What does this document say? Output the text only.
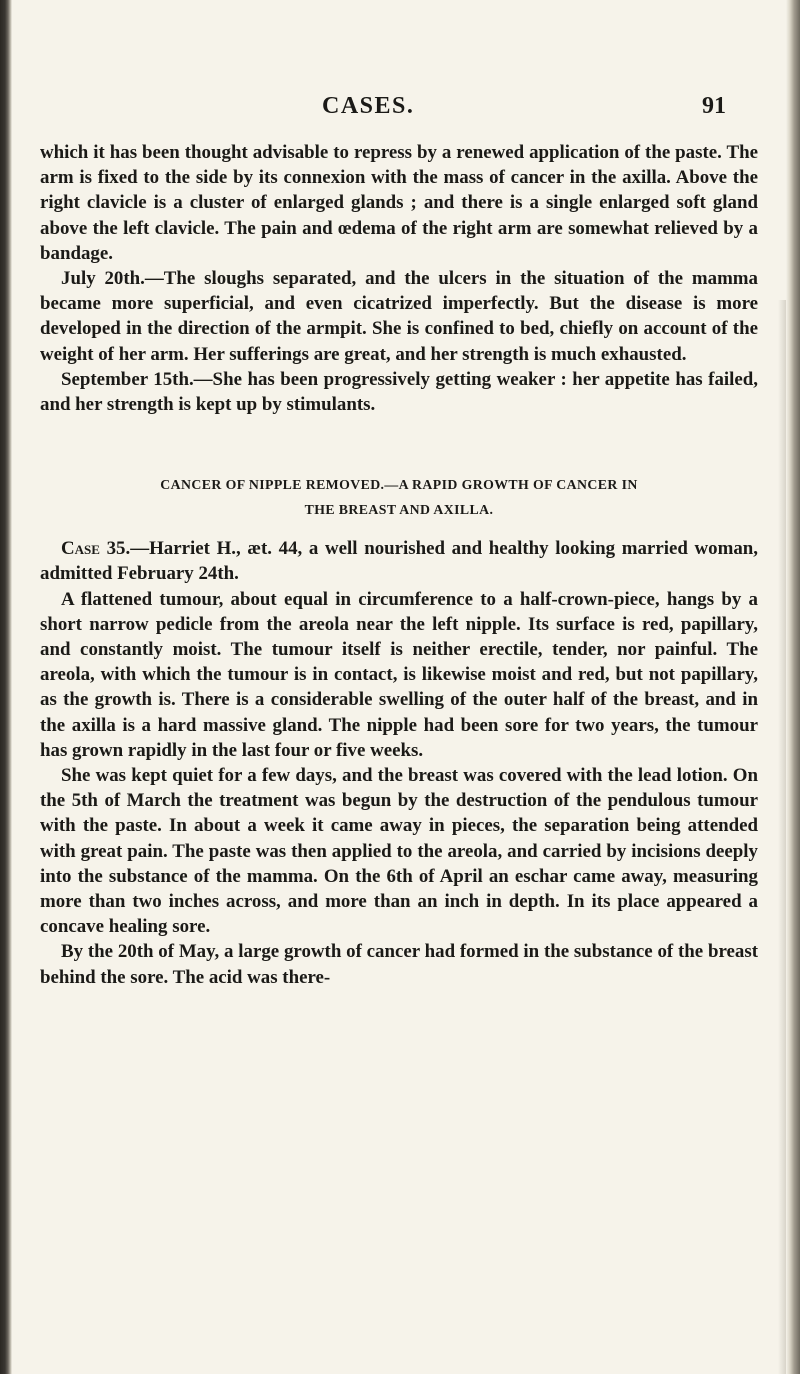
CASES.	91

which it has been thought advisable to repress by a renewed application of the paste. The arm is fixed to the side by its connexion with the mass of cancer in the axilla. Above the right clavicle is a cluster of enlarged glands ; and there is a single enlarged soft gland above the left clavicle. The pain and œdema of the right arm are somewhat relieved by a bandage.

July 20th.—The sloughs separated, and the ulcers in the situation of the mamma became more superficial, and even cicatrized imperfectly. But the disease is more developed in the direction of the armpit. She is confined to bed, chiefly on account of the weight of her arm. Her sufferings are great, and her strength is much exhausted.

September 15th.—She has been progressively getting weaker : her appetite has failed, and her strength is kept up by stimulants.

CANCER OF NIPPLE REMOVED.—A RAPID GROWTH OF CANCER IN
THE BREAST AND AXILLA.

Case 35.—Harriet H., æt. 44, a well nourished and healthy looking married woman, admitted February 24th.

A flattened tumour, about equal in circumference to a half-crown-piece, hangs by a short narrow pedicle from the areola near the left nipple. Its surface is red, papillary, and constantly moist. The tumour itself is neither erectile, tender, nor painful. The areola, with which the tumour is in contact, is likewise moist and red, but not papillary, as the growth is. There is a considerable swelling of the outer half of the breast, and in the axilla is a hard massive gland. The nipple had been sore for two years, the tumour has grown rapidly in the last four or five weeks.

She was kept quiet for a few days, and the breast was covered with the lead lotion. On the 5th of March the treatment was begun by the destruction of the pendulous tumour with the paste. In about a week it came away in pieces, the separation being attended with great pain. The paste was then applied to the areola, and carried by incisions deeply into the substance of the mamma. On the 6th of April an eschar came away, measuring more than two inches across, and more than an inch in depth. In its place appeared a concave healing sore.

By the 20th of May, a large growth of cancer had formed in the substance of the breast behind the sore. The acid was there-
